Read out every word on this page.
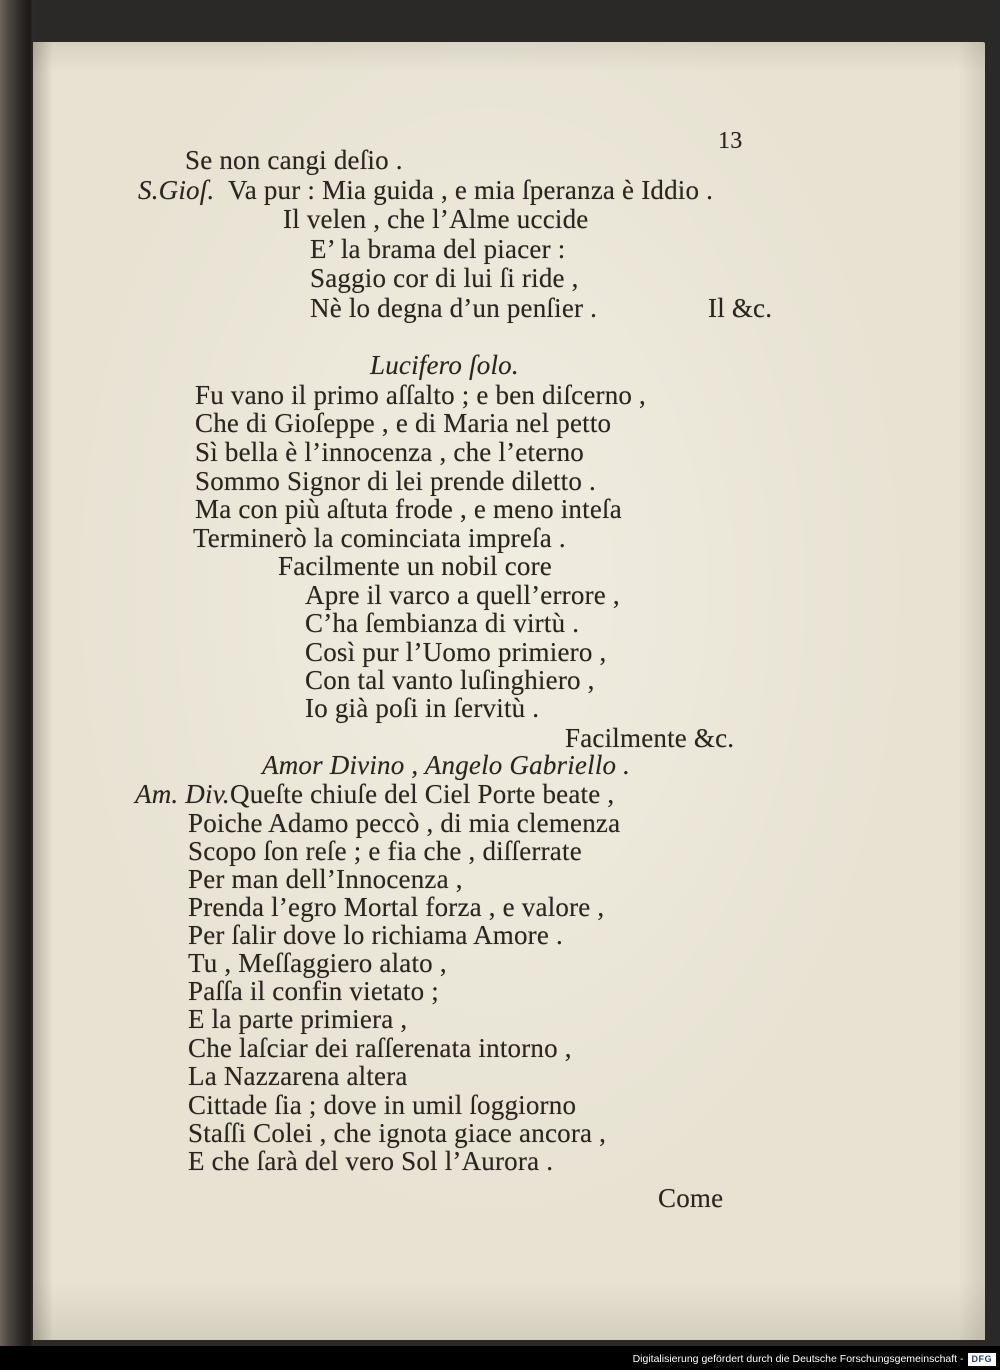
13
Se non cangi deſio .
S.Gioſ. Va pur : Mia guida , e mia ſperanza è Iddio .
Il velen , che l’Alme uccide
E’ la brama del piacer :
Saggio cor di lui ſi ride ,
Nè lo degna d’un penſier .	Il &c.
Lucifero ſolo.
Fu vano il primo aſſalto ; e ben diſcerno ,
Che di Gioſeppe , e di Maria nel petto
Sì bella è l’innocenza , che l’eterno
Sommo Signor di lei prende diletto .
Ma con più aſtuta frode , e meno inteſa
Terminerò la cominciata impreſa .
Facilmente un nobil core
Apre il varco a quell’errore ,
C’ha ſembianza di virtù .
Così pur l’Uomo primiero ,
Con tal vanto luſinghiero ,
Io già poſi in ſervitù .
Facilmente &c.
Amor Divino , Angelo Gabriello .
Am. Div. Queſte chiuſe del Ciel Porte beate ,
Poiche Adamo peccò , di mia clemenza
Scopo ſon reſe ; e fia che , diſſerrate
Per man dell’Innocenza ,
Prenda l’egro Mortal forza , e valore ,
Per ſalir dove lo richiama Amore .
Tu , Meſſaggiero alato ,
Paſſa il confin vietato ;
E la parte primiera ,
Che laſciar dei raſſerenata intorno ,
La Nazzarena altera
Cittade ſia ; dove in umil ſoggiorno
Staſſi Colei , che ignota giace ancora ,
E che ſarà del vero Sol l’Aurora .
Come
Digitalisierung gefördert durch die Deutsche Forschungsgemeinschaft - DFG
